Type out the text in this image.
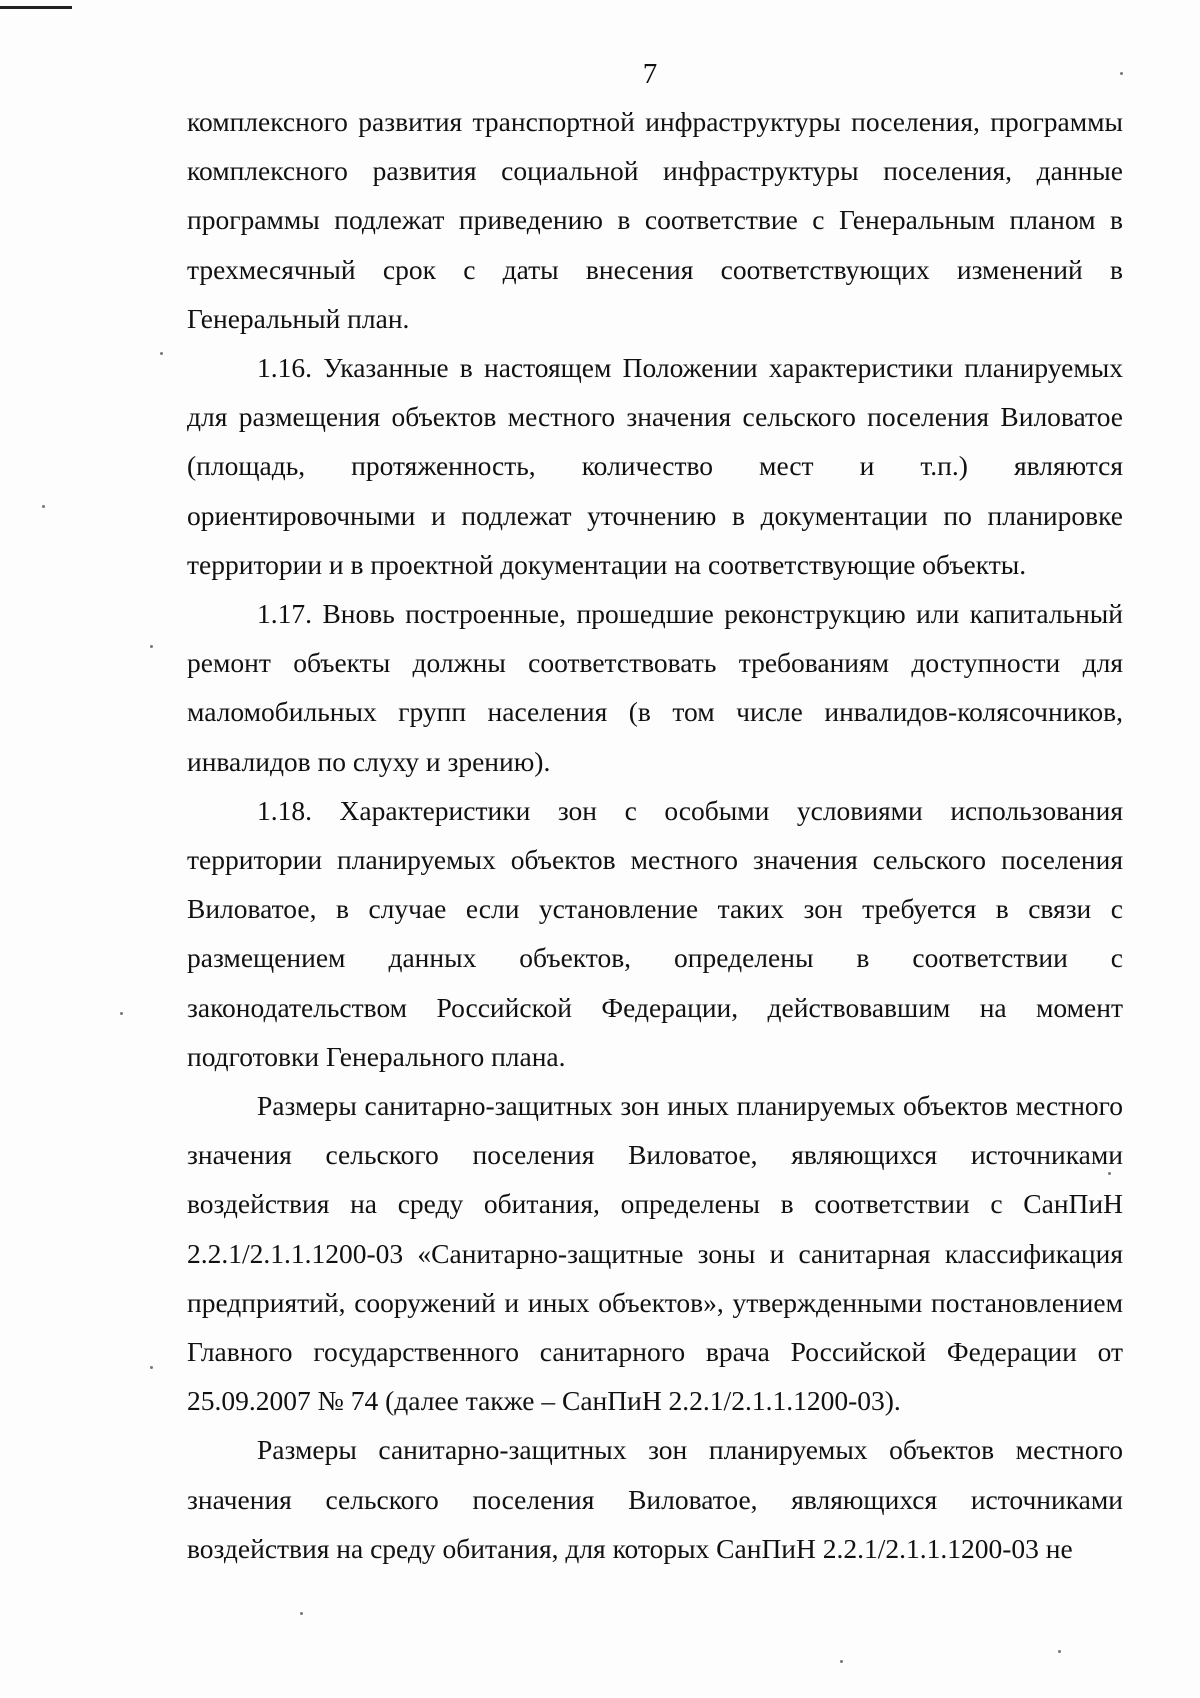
7

комплексного развития транспортной инфраструктуры поселения, программы комплексного развития социальной инфраструктуры поселения, данные программы подлежат приведению в соответствие с Генеральным планом в трехмесячный срок с даты внесения соответствующих изменений в Генеральный план.

1.16. Указанные в настоящем Положении характеристики планируемых для размещения объектов местного значения сельского поселения Виловатое (площадь, протяженность, количество мест и т.п.) являются ориентировочными и подлежат уточнению в документации по планировке территории и в проектной документации на соответствующие объекты.

1.17. Вновь построенные, прошедшие реконструкцию или капитальный ремонт объекты должны соответствовать требованиям доступности для маломобильных групп населения (в том числе инвалидов-колясочников, инвалидов по слуху и зрению).

1.18. Характеристики зон с особыми условиями использования территории планируемых объектов местного значения сельского поселения Виловатое, в случае если установление таких зон требуется в связи с размещением данных объектов, определены в соответствии с законодательством Российской Федерации, действовавшим на момент подготовки Генерального плана.

Размеры санитарно-защитных зон иных планируемых объектов местного значения сельского поселения Виловатое, являющихся источниками воздействия на среду обитания, определены в соответствии с СанПиН 2.2.1/2.1.1.1200-03 «Санитарно-защитные зоны и санитарная классификация предприятий, сооружений и иных объектов», утвержденными постановлением Главного государственного санитарного врача Российской Федерации от 25.09.2007 № 74 (далее также – СанПиН 2.2.1/2.1.1.1200-03).

Размеры санитарно-защитных зон планируемых объектов местного значения сельского поселения Виловатое, являющихся источниками воздействия на среду обитания, для которых СанПиН 2.2.1/2.1.1.1200-03 не
